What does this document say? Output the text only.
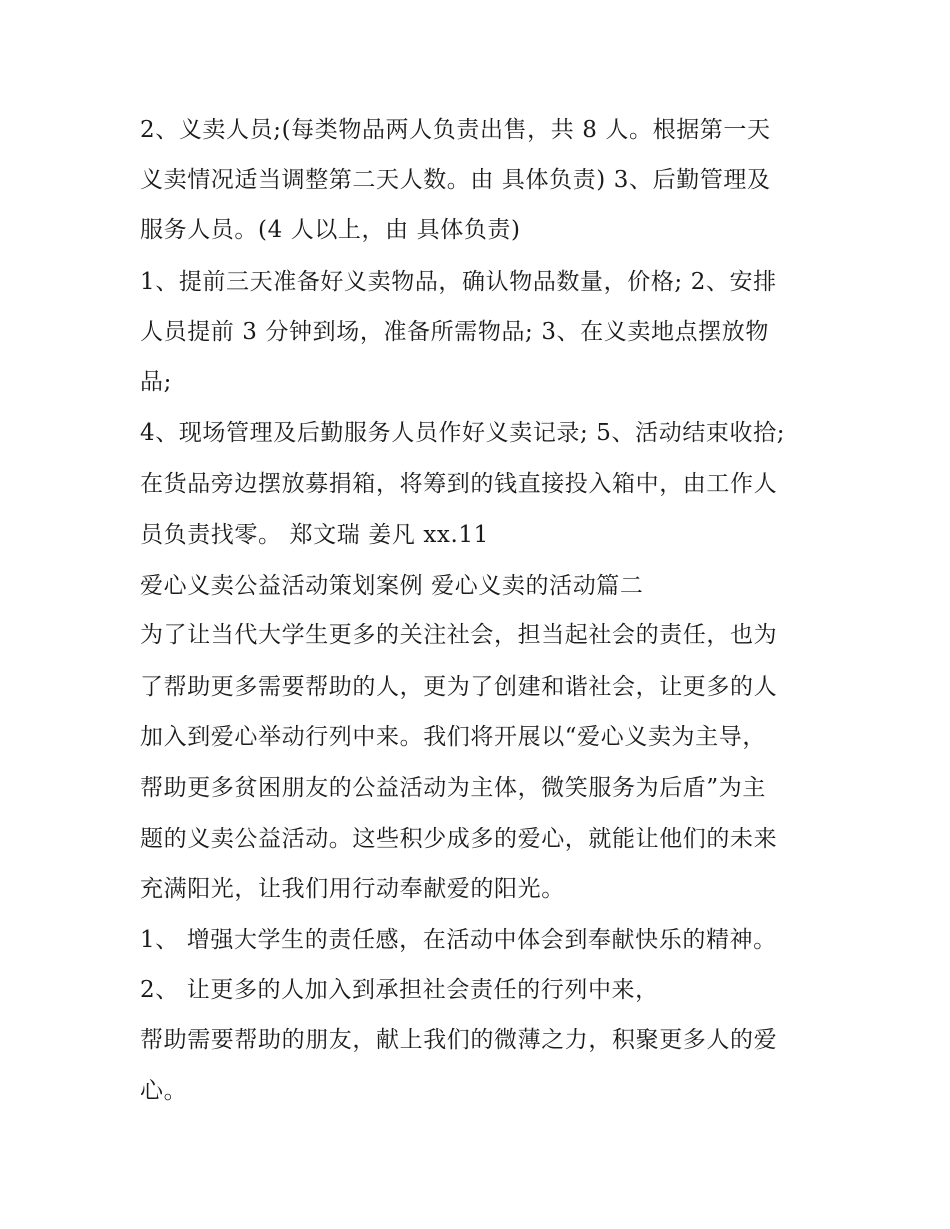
2、义卖人员;(每类物品两人负责出售，共 8 人。根据第一天
义卖情况适当调整第二天人数。由 具体负责) 3、后勤管理及
服务人员。(4 人以上，由 具体负责)
1、提前三天准备好义卖物品，确认物品数量，价格; 2、安排
人员提前 3 分钟到场，准备所需物品; 3、在义卖地点摆放物
品;
4、现场管理及后勤服务人员作好义卖记录; 5、活动结束收拾;
在货品旁边摆放募捐箱，将筹到的钱直接投入箱中，由工作人
员负责找零。 郑文瑞 姜凡 xx.11
爱心义卖公益活动策划案例 爱心义卖的活动篇二
为了让当代大学生更多的关注社会，担当起社会的责任，也为
了帮助更多需要帮助的人，更为了创建和谐社会，让更多的人
加入到爱心举动行列中来。我们将开展以“爱心义卖为主导，
帮助更多贫困朋友的公益活动为主体，微笑服务为后盾”为主
题的义卖公益活动。这些积少成多的爱心，就能让他们的未来
充满阳光，让我们用行动奉献爱的阳光。
1、 增强大学生的责任感，在活动中体会到奉献快乐的精神。
2、 让更多的人加入到承担社会责任的行列中来，
帮助需要帮助的朋友，献上我们的微薄之力，积聚更多人的爱
心。
